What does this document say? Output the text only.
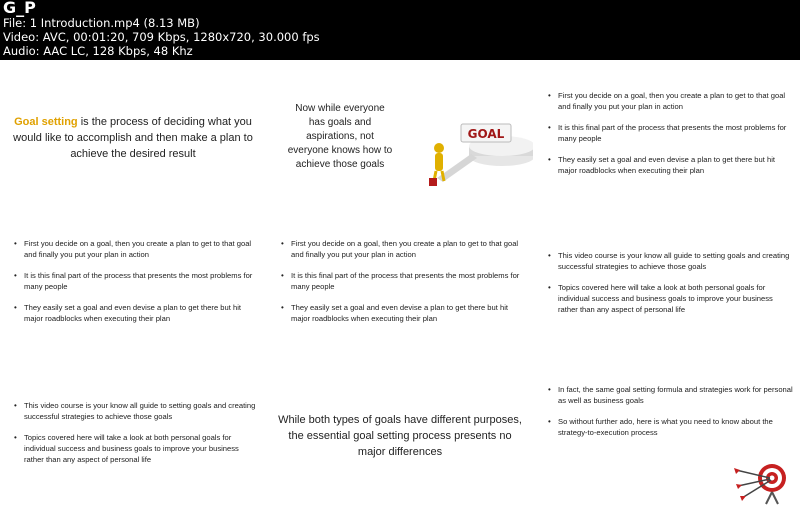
G_P
File: 1 Introduction.mp4 (8.13 MB)
Video: AVC, 00:01:20, 709 Kbps, 1280x720, 30.000 fps
Audio: AAC LC, 128 Kbps, 48 Khz
Goal setting is the process of deciding what you would like to accomplish and then make a plan to achieve the desired result
Now while everyone has goals and aspirations, not everyone knows how to achieve those goals
GOAL
• First you decide on a goal, then you create a plan to get to that goal and finally you put your plan in action
• It is this final part of the process that presents the most problems for many people
• They easily set a goal and even devise a plan to get there but hit major roadblocks when executing their plan
• First you decide on a goal, then you create a plan to get to that goal and finally you put your plan in action
• It is this final part of the process that presents the most problems for many people
• They easily set a goal and even devise a plan to get there but hit major roadblocks when executing their plan
• First you decide on a goal, then you create a plan to get to that goal and finally you put your plan in action
• It is this final part of the process that presents the most problems for many people
• They easily set a goal and even devise a plan to get there but hit major roadblocks when executing their plan
• This video course is your know all guide to setting goals and creating successful strategies to achieve those goals
• Topics covered here will take a look at both personal goals for individual success and business goals to improve your business rather than any aspect of personal life
• This video course is your know all guide to setting goals and creating successful strategies to achieve those goals
• Topics covered here will take a look at both personal goals for individual success and business goals to improve your business rather than any aspect of personal life
While both types of goals have different purposes, the essential goal setting process presents no major differences
• In fact, the same goal setting formula and strategies work for personal as well as business goals
• So without further ado, here is what you need to know about the strategy-to-execution process
